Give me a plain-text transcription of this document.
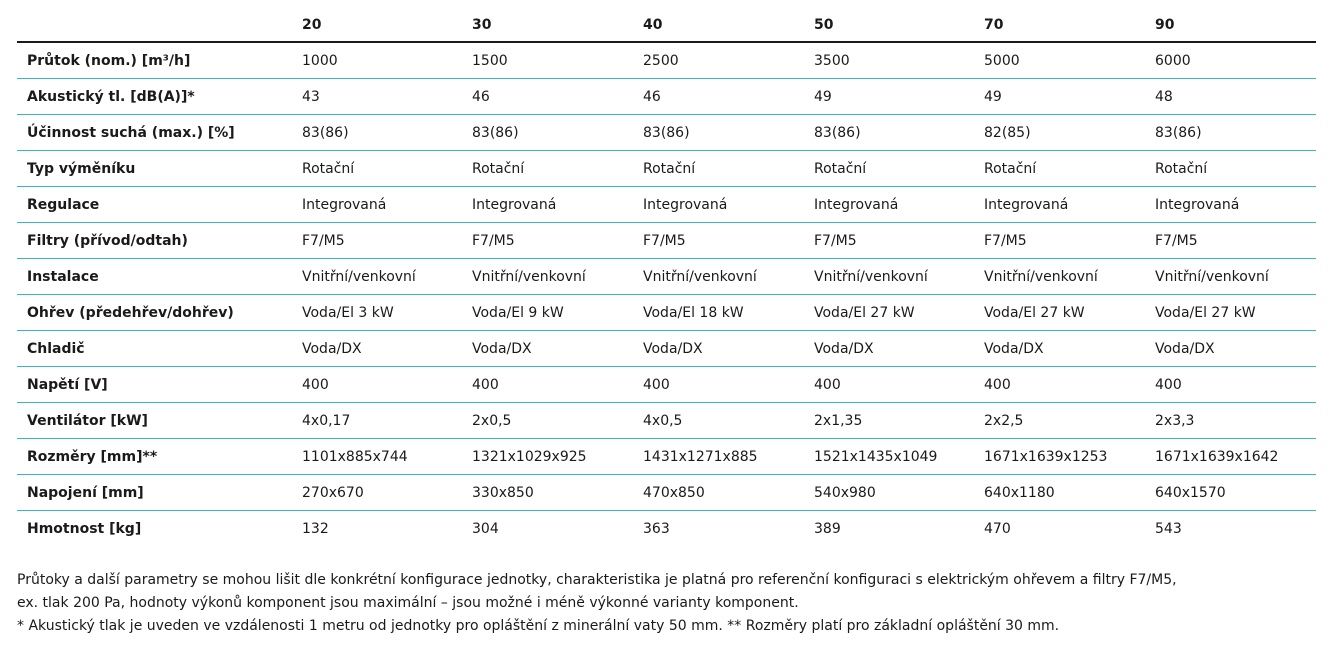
	20	30	40	50	70	90
Průtok (nom.) [m³/h]	1000	1500	2500	3500	5000	6000
Akustický tl. [dB(A)]*	43	46	46	49	49	48
Účinnost suchá (max.) [%]	83(86)	83(86)	83(86)	83(86)	82(85)	83(86)
Typ výměníku	Rotační	Rotační	Rotační	Rotační	Rotační	Rotační
Regulace	Integrovaná	Integrovaná	Integrovaná	Integrovaná	Integrovaná	Integrovaná
Filtry (přívod/odtah)	F7/M5	F7/M5	F7/M5	F7/M5	F7/M5	F7/M5
Instalace	Vnitřní/venkovní	Vnitřní/venkovní	Vnitřní/venkovní	Vnitřní/venkovní	Vnitřní/venkovní	Vnitřní/venkovní
Ohřev (předehřev/dohřev)	Voda/El 3 kW	Voda/El 9 kW	Voda/El 18 kW	Voda/El 27 kW	Voda/El 27 kW	Voda/El 27 kW
Chladič	Voda/DX	Voda/DX	Voda/DX	Voda/DX	Voda/DX	Voda/DX
Napětí [V]	400	400	400	400	400	400
Ventilátor [kW]	4x0,17	2x0,5	4x0,5	2x1,35	2x2,5	2x3,3
Rozměry [mm]**	1101x885x744	1321x1029x925	1431x1271x885	1521x1435x1049	1671x1639x1253	1671x1639x1642
Napojení [mm]	270x670	330x850	470x850	540x980	640x1180	640x1570
Hmotnost [kg]	132	304	363	389	470	543

Průtoky a další parametry se mohou lišit dle konkrétní konfigurace jednotky, charakteristika je platná pro referenční konfiguraci s elektrickým ohřevem a filtry F7/M5,

ex. tlak 200 Pa, hodnoty výkonů komponent jsou maximální – jsou možné i méně výkonné varianty komponent.

* Akustický tlak je uveden ve vzdálenosti 1 metru od jednotky pro opláštění z minerální vaty 50 mm. ** Rozměry platí pro základní opláštění 30 mm.
